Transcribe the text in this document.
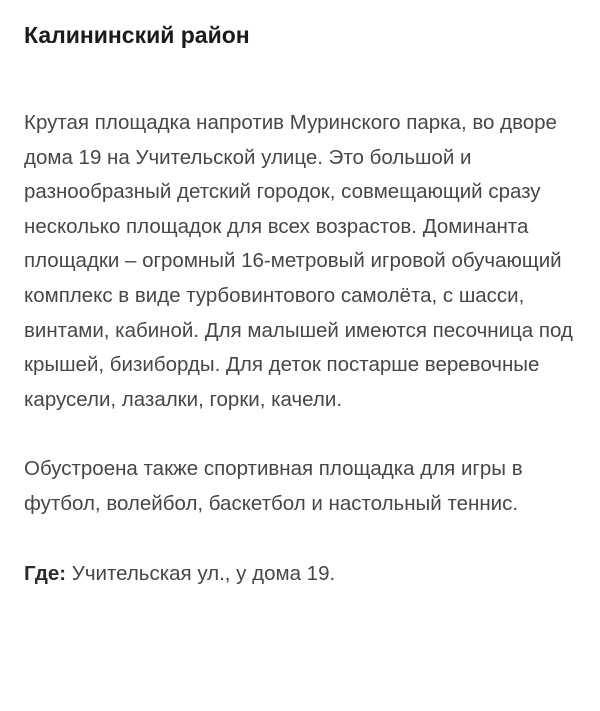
Калининский район

Крутая площадка напротив Муринского парка, во дворе дома 19 на Учительской улице. Это большой и разнообразный детский городок, совмещающий сразу несколько площадок для всех возрастов. Доминанта площадки – огромный 16-метровый игровой обучающий комплекс в виде турбовинтового самолёта, с шасси, винтами, кабиной. Для малышей имеются песочница под крышей, бизиборды. Для деток постарше веревочные карусели, лазалки, горки, качели.

Обустроена также спортивная площадка для игры в футбол, волейбол, баскетбол и настольный теннис.

Где: Учительская ул., у дома 19.
